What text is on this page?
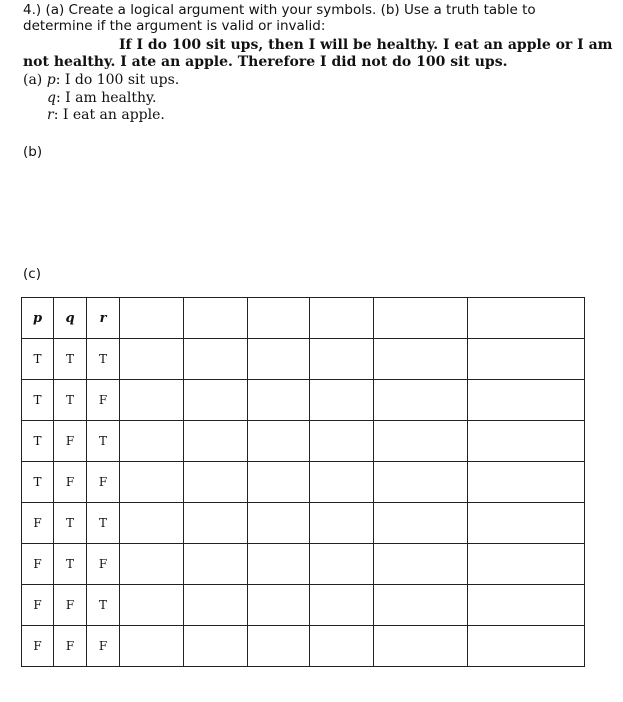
4.) (a) Create a logical argument with your symbols. (b) Use a truth table to
determine if the argument is valid or invalid:
If I do 100 sit ups, then I will be healthy. I eat an apple or I am
not healthy. I ate an apple. Therefore I did not do 100 sit ups.
(a) p: I do 100 sit ups.
q: I am healthy.
r: I eat an apple.
(b)
(c)
p	q	r						
T	T	T						
T	T	F						
T	F	T						
T	F	F						
F	T	T						
F	T	F						
F	F	T						
F	F	F						
